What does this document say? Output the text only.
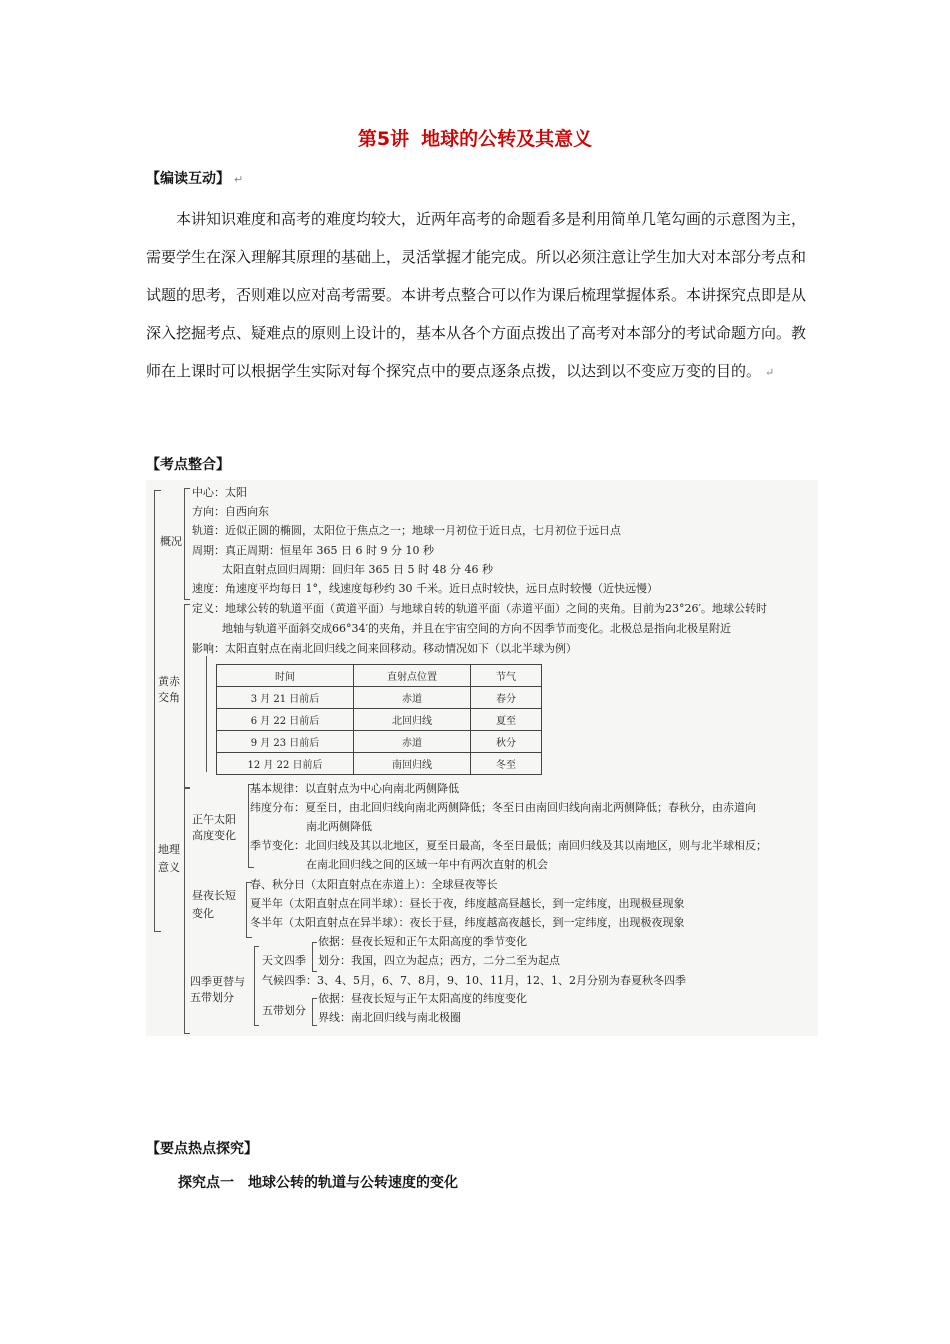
第5讲 地球的公转及其意义
【编读互动】 ↵
本讲知识难度和高考的难度均较大，近两年高考的命题看多是利用简单几笔勾画的示意图为主，需要学生在深入理解其原理的基础上，灵活掌握才能完成。所以必须注意让学生加大对本部分考点和试题的思考，否则难以应对高考需要。本讲考点整合可以作为课后梳理掌握体系。本讲探究点即是从深入挖掘考点、疑难点的原则上设计的，基本从各个方面点拨出了高考对本部分的考试命题方向。教师在上课时可以根据学生实际对每个探究点中的要点逐条点拨，以达到以不变应万变的目的。 ↵
【考点整合】
概况
中心：太阳
方向：自西向东
轨道：近似正圆的椭圆，太阳位于焦点之一；地球一月初位于近日点，七月初位于远日点
周期：真正周期：恒星年 365 日 6 时 9 分 10 秒
太阳直射点回归周期：回归年 365 日 5 时 48 分 46 秒
速度：角速度平均每日 1°，线速度每秒约 30 千米。近日点时较快，远日点时较慢（近快远慢）
黄赤
交角
定义：地球公转的轨道平面（黄道平面）与地球自转的轨道平面（赤道平面）之间的夹角。目前为23°26′。地球公转时
地轴与轨道平面斜交成66°34′的夹角，并且在宇宙空间的方向不因季节而变化。北极总是指向北极星附近
影响：太阳直射点在南北回归线之间来回移动。移动情况如下（以北半球为例）
时间	直射点位置	节气
3 月 21 日前后	赤道	春分
6 月 22 日前后	北回归线	夏至
9 月 23 日前后	赤道	秋分
12 月 22 日前后	南回归线	冬至
地理
意义
正午太阳
高度变化
基本规律：以直射点为中心向南北两侧降低
纬度分布：夏至日，由北回归线向南北两侧降低；冬至日由南回归线向南北两侧降低；春秋分，由赤道向
南北两侧降低
季节变化：北回归线及其以北地区，夏至日最高，冬至日最低；南回归线及其以南地区，则与北半球相反；
在南北回归线之间的区域一年中有两次直射的机会
昼夜长短
变化
春、秋分日（太阳直射点在赤道上）：全球昼夜等长
夏半年（太阳直射点在同半球）：昼长于夜，纬度越高昼越长，到一定纬度，出现极昼现象
冬半年（太阳直射点在异半球）：夜长于昼，纬度越高夜越长，到一定纬度，出现极夜现象
四季更替与
五带划分
天文四季
依据：昼夜长短和正午太阳高度的季节变化
划分：我国，四立为起点；西方，二分二至为起点
气候四季：3、4、5月，6、7、8月，9、10、11月，12、1、2月分别为春夏秋冬四季
五带划分
依据：昼夜长短与正午太阳高度的纬度变化
界线：南北回归线与南北极圈
【要点热点探究】
探究点一 地球公转的轨道与公转速度的变化
